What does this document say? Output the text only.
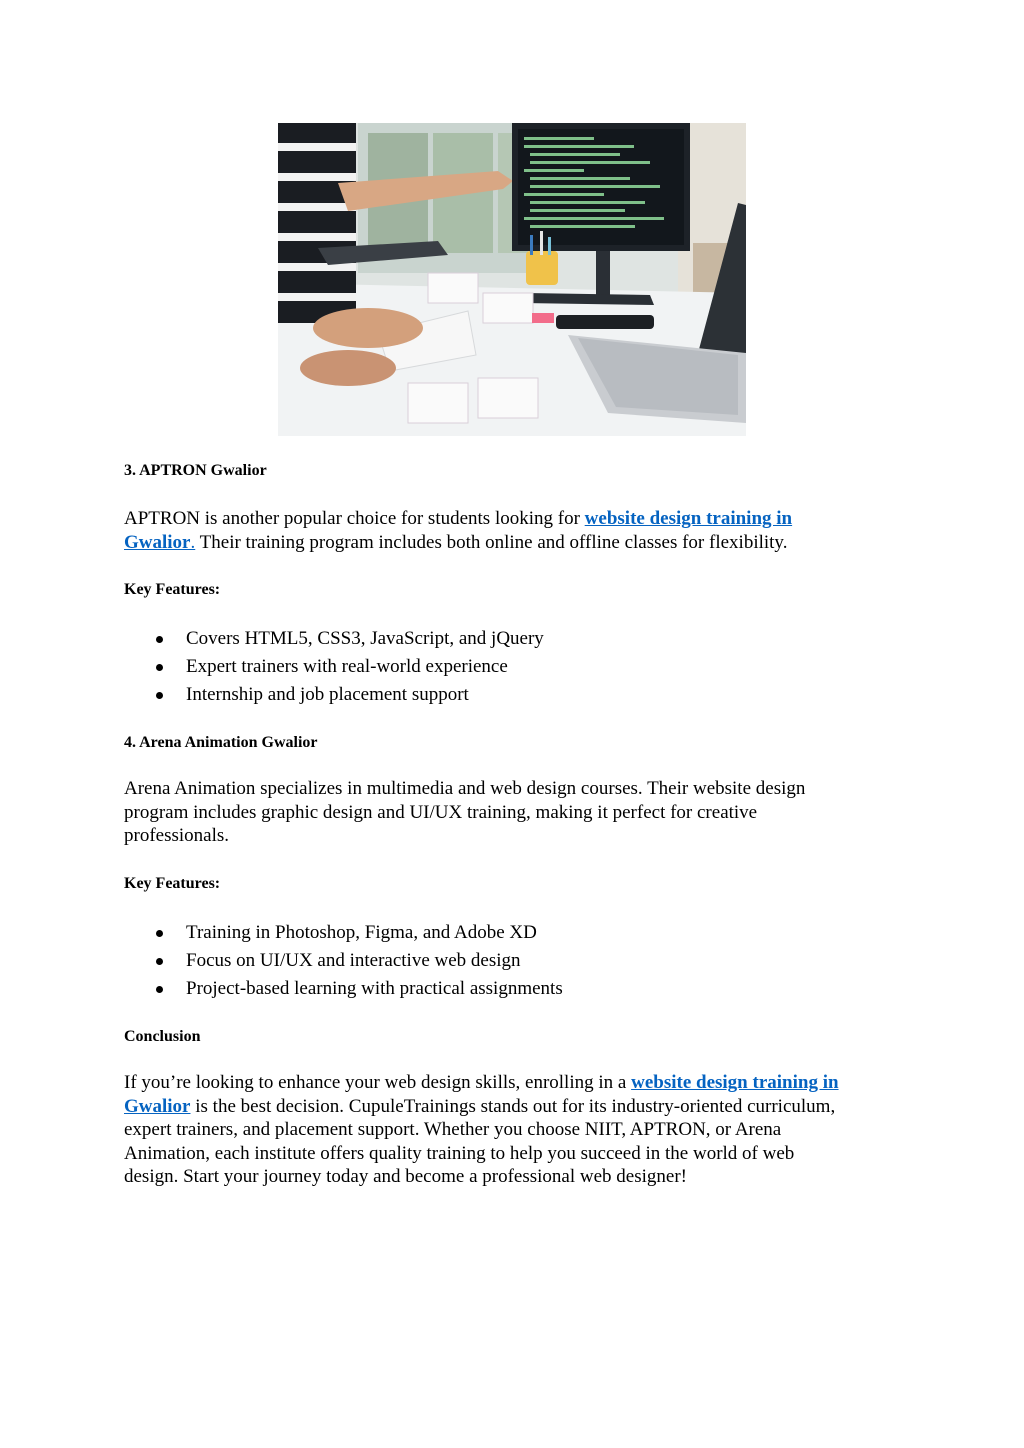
3. APTRON Gwalior

APTRON is another popular choice for students looking for website design training in
Gwalior. Their training program includes both online and offline classes for flexibility.

Key Features:

Covers HTML5, CSS3, JavaScript, and jQuery
Expert trainers with real-world experience
Internship and job placement support

4. Arena Animation Gwalior

Arena Animation specializes in multimedia and web design courses. Their website design
program includes graphic design and UI/UX training, making it perfect for creative
professionals.

Key Features:

Training in Photoshop, Figma, and Adobe XD
Focus on UI/UX and interactive web design
Project-based learning with practical assignments

Conclusion

If you’re looking to enhance your web design skills, enrolling in a website design training in
Gwalior is the best decision. CupuleTrainings stands out for its industry-oriented curriculum,
expert trainers, and placement support. Whether you choose NIIT, APTRON, or Arena
Animation, each institute offers quality training to help you succeed in the world of web
design. Start your journey today and become a professional web designer!
